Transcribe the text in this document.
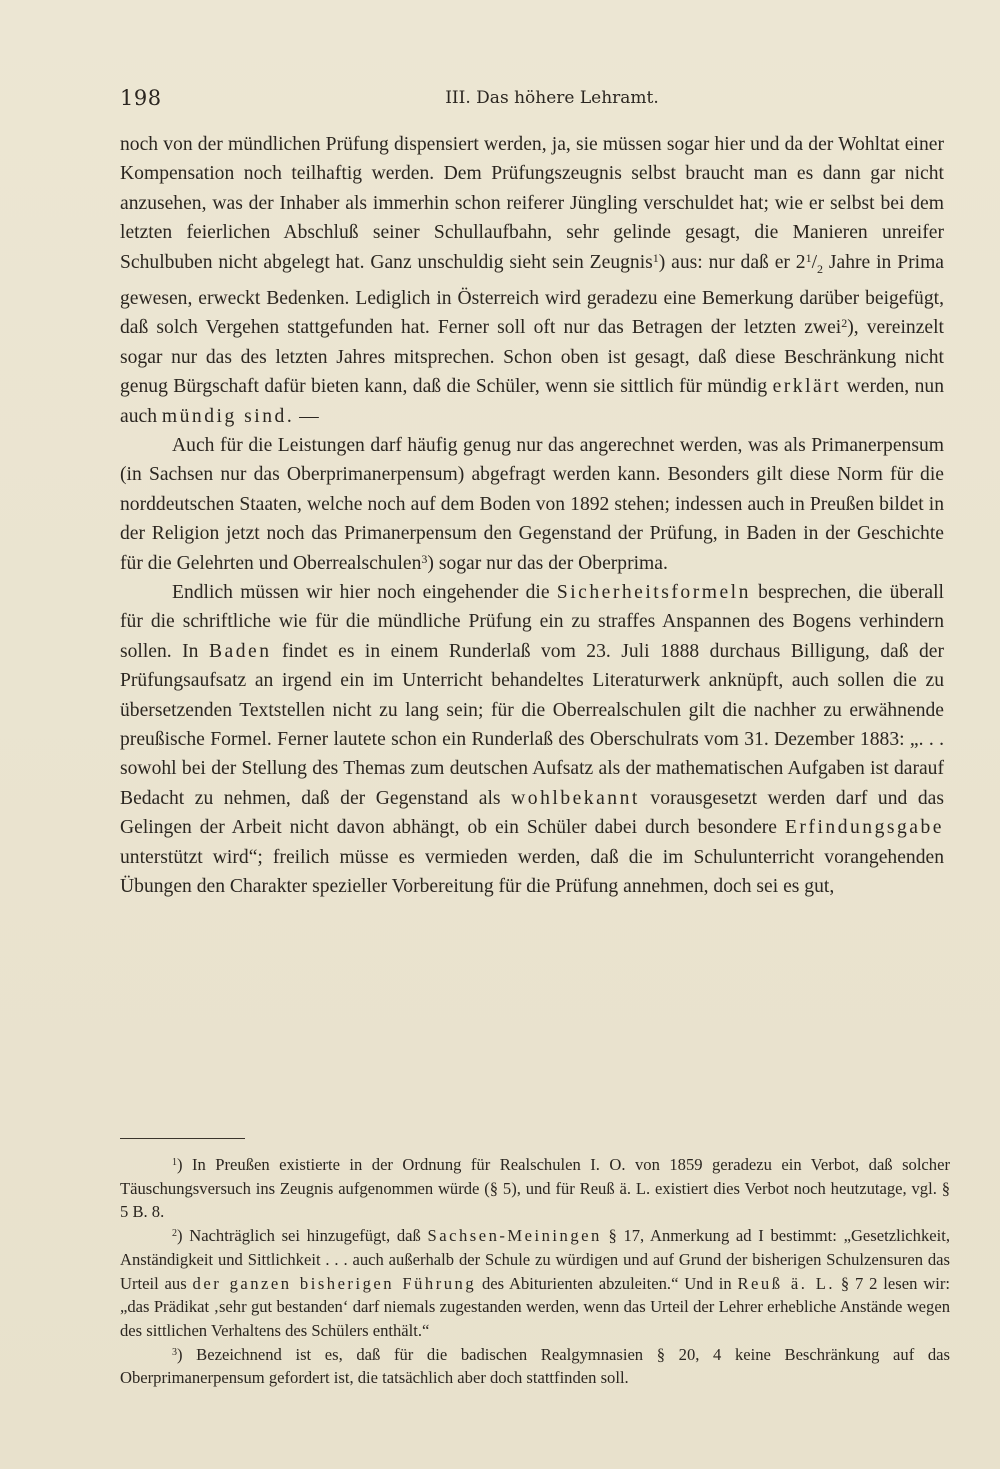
198	III. Das höhere Lehramt.

noch von der mündlichen Prüfung dispensiert werden, ja, sie müssen sogar hier und da der Wohltat einer Kompensation noch teilhaftig werden. Dem Prüfungszeugnis selbst braucht man es dann gar nicht anzusehen, was der Inhaber als immerhin schon reiferer Jüngling verschuldet hat; wie er selbst bei dem letzten feierlichen Abschluß seiner Schullaufbahn, sehr gelinde gesagt, die Manieren unreifer Schulbuben nicht abgelegt hat. Ganz unschuldig sieht sein Zeugnis$^1$) aus: nur daß er $2^1/_2$ Jahre in Prima gewesen, erweckt Bedenken. Lediglich in Österreich wird geradezu eine Bemerkung darüber beigefügt, daß solch Vergehen stattgefunden hat. Ferner soll oft nur das Betragen der letzten zwei$^2$), vereinzelt sogar nur das des letzten Jahres mitsprechen. Schon oben ist gesagt, daß diese Beschränkung nicht genug Bürgschaft dafür bieten kann, daß die Schüler, wenn sie sittlich für mündig erklärt werden, nun auch mündig sind. —

Auch für die Leistungen darf häufig genug nur das angerechnet werden, was als Primanerpensum (in Sachsen nur das Oberprimanerpensum) abgefragt werden kann. Besonders gilt diese Norm für die norddeutschen Staaten, welche noch auf dem Boden von 1892 stehen; indessen auch in Preußen bildet in der Religion jetzt noch das Primanerpensum den Gegenstand der Prüfung, in Baden in der Geschichte für die Gelehrten und Oberrealschulen$^3$) sogar nur das der Oberprima.

Endlich müssen wir hier noch eingehender die Sicherheitsformeln besprechen, die überall für die schriftliche wie für die mündliche Prüfung ein zu straffes Anspannen des Bogens verhindern sollen. In Baden findet es in einem Runderlaß vom 23. Juli 1888 durchaus Billigung, daß der Prüfungsaufsatz an irgend ein im Unterricht behandeltes Literaturwerk anknüpft, auch sollen die zu übersetzenden Textstellen nicht zu lang sein; für die Oberrealschulen gilt die nachher zu erwähnende preußische Formel. Ferner lautete schon ein Runderlaß des Oberschulrats vom 31. Dezember 1883: „. . . sowohl bei der Stellung des Themas zum deutschen Aufsatz als der mathematischen Aufgaben ist darauf Bedacht zu nehmen, daß der Gegenstand als wohlbekannt vorausgesetzt werden darf und das Gelingen der Arbeit nicht davon abhängt, ob ein Schüler dabei durch besondere Erfindungsgabe unterstützt wird“; freilich müsse es vermieden werden, daß die im Schulunterricht vorangehenden Übungen den Charakter spezieller Vorbereitung für die Prüfung annehmen, doch sei es gut,

$^1$) In Preußen existierte in der Ordnung für Realschulen I. O. von 1859 geradezu ein Verbot, daß solcher Täuschungsversuch ins Zeugnis aufgenommen würde (§ 5), und für Reuß ä. L. existiert dies Verbot noch heutzutage, vgl. § 5 B. 8.

$^2$) Nachträglich sei hinzugefügt, daß Sachsen-Meiningen § 17, Anmerkung ad I bestimmt: „Gesetzlichkeit, Anständigkeit und Sittlichkeit . . . auch außerhalb der Schule zu würdigen und auf Grund der bisherigen Schulzensuren das Urteil aus der ganzen bisherigen Führung des Abiturienten abzuleiten.“ Und in Reuß ä. L. § 7 2 lesen wir: „das Prädikat ‚sehr gut bestanden‘ darf niemals zugestanden werden, wenn das Urteil der Lehrer erhebliche Anstände wegen des sittlichen Verhaltens des Schülers enthält.“

$^3$) Bezeichnend ist es, daß für die badischen Realgymnasien § 20, 4 keine Beschränkung auf das Oberprimanerpensum gefordert ist, die tatsächlich aber doch stattfinden soll.
